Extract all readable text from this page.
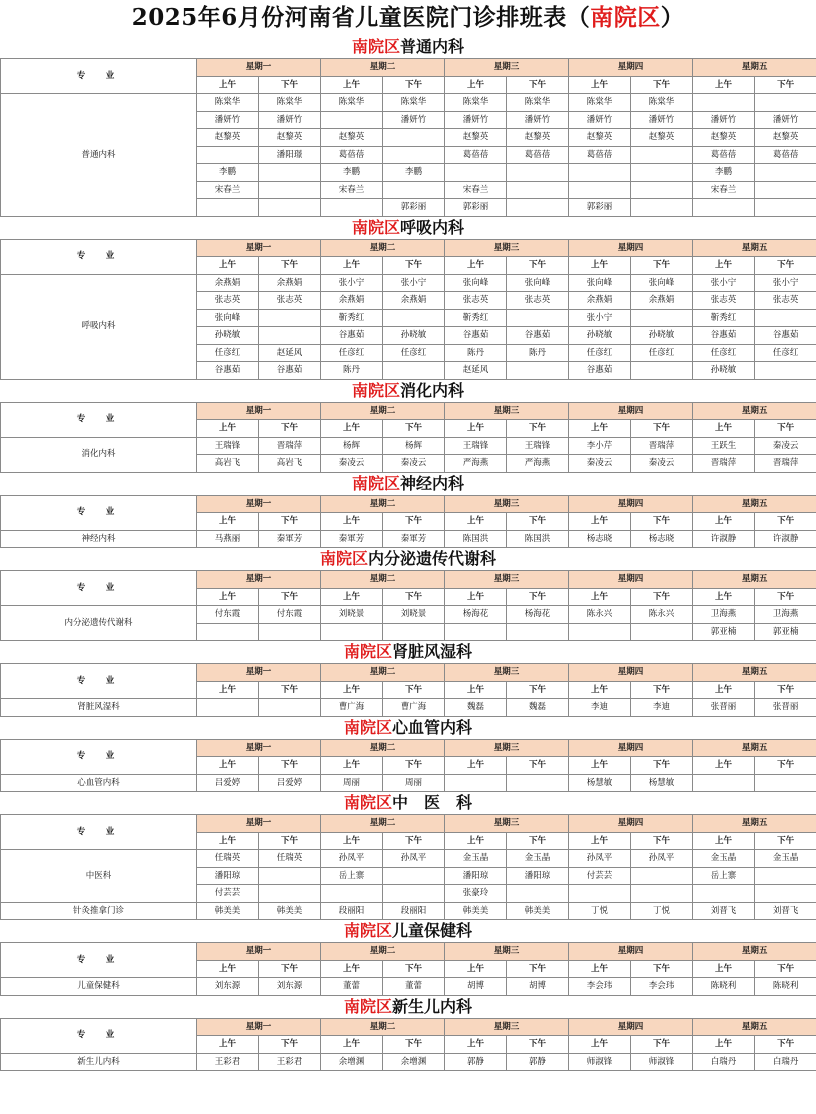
2025年6月份河南省儿童医院门诊排班表（南院区）
南院区普通内科
专　业	星期一		星期二		星期三		星期四		星期五	
	上午	下午	上午	下午	上午	下午	上午	下午	上午	下午
普通内科	陈棠华	陈棠华	陈棠华	陈棠华	陈棠华	陈棠华	陈棠华	陈棠华		
	潘妍竹	潘妍竹		潘妍竹	潘妍竹	潘妍竹	潘妍竹	潘妍竹	潘妍竹	潘妍竹
	赵黎英	赵黎英	赵黎英		赵黎英	赵黎英	赵黎英	赵黎英	赵黎英	赵黎英
		潘阳璟	葛蓓蓓		葛蓓蓓	葛蓓蓓	葛蓓蓓		葛蓓蓓	葛蓓蓓
	李鹏		李鹏	李鹏					李鹏	
	宋春兰		宋春兰		宋春兰				宋春兰	
				郭彩丽	郭彩丽		郭彩丽			
南院区呼吸内科
专　业	星期一		星期二		星期三		星期四		星期五	
	上午	下午	上午	下午	上午	下午	上午	下午	上午	下午
呼吸内科	余燕娟	余燕娟	张小宁	张小宁	张向峰	张向峰	张向峰	张向峰	张小宁	张小宁
	张志英	张志英	余燕娟	余燕娟	张志英	张志英	余燕娟	余燕娟	张志英	张志英
	张向峰		靳秀红		靳秀红		张小宁		靳秀红	
	孙晓敏		谷惠茹	孙晓敏	谷惠茹	谷惠茹	孙晓敏	孙晓敏	谷惠茹	谷惠茹
	任彦红	赵延风	任彦红	任彦红	陈丹	陈丹	任彦红	任彦红	任彦红	任彦红
	谷惠茹	谷惠茹	陈丹		赵延风		谷惠茹		孙晓敏	
南院区消化内科
专　业	星期一		星期二		星期三		星期四		星期五	
	上午	下午	上午	下午	上午	下午	上午	下午	上午	下午
消化内科	王瑞锋	晋瑞萍	杨辉	杨辉	王瑞锋	王瑞锋	李小芹	晋瑞萍	王跃生	秦凌云
	高岩飞	高岩飞	秦凌云	秦凌云	严海燕	严海燕	秦凌云	秦凌云	晋瑞萍	晋瑞萍
南院区神经内科
专　业	星期一		星期二		星期三		星期四		星期五	
	上午	下午	上午	下午	上午	下午	上午	下午	上午	下午
神经内科	马燕丽	秦軍芳	秦軍芳	秦軍芳	陈国洪	陈国洪	杨志晓	杨志晓	许淑静	许淑静
南院区内分泌遗传代谢科
专　业	星期一		星期二		星期三		星期四		星期五	
	上午	下午	上午	下午	上午	下午	上午	下午	上午	下午
内分泌遗传代谢科	付东霞	付东霞	刘晓景	刘晓景	杨海花	杨海花	陈永兴	陈永兴	卫海燕	卫海燕
									郭亚楠	郭亚楠
南院区肾脏风湿科
专　业	星期一		星期二		星期三		星期四		星期五	
	上午	下午	上午	下午	上午	下午	上午	下午	上午	下午
肾脏风湿科			曹广海	曹广海	魏磊	魏磊	李迪	李迪	张晋丽	张晋丽
南院区心血管内科
专　业	星期一		星期二		星期三		星期四		星期五	
	上午	下午	上午	下午	上午	下午	上午	下午	上午	下午
心血管内科	吕爱婷	吕爱婷	周丽	周丽			杨慧敏	杨慧敏		
南院区中　医　科
专　业	星期一		星期二		星期三		星期四		星期五	
	上午	下午	上午	下午	上午	下午	上午	下午	上午	下午
中医科	任瑞英	任瑞英	孙凤平	孙凤平	金玉晶	金玉晶	孙凤平	孙凤平	金玉晶	金玉晶
	潘阳琼		岳上寨		潘阳琼	潘阳琼	付芸芸		岳上寨	
	付芸芸				张豪玲					
针灸推拿门诊	韩美美	韩美美	段丽阳	段丽阳	韩美美	韩美美	丁悦	丁悦	刘晋飞	刘晋飞
南院区儿童保健科
专　业	星期一		星期二		星期三		星期四		星期五	
	上午	下午	上午	下午	上午	下午	上午	下午	上午	下午
儿童保健科	刘东源	刘东源	董蕾	董蕾	胡博	胡博	李会玮	李会玮	陈晓利	陈晓利
南院区新生儿内科
专　业	星期一		星期二		星期三		星期四		星期五	
	上午	下午	上午	下午	上午	下午	上午	下午	上午	下午
新生儿内科	王彩君	王彩君	余增渊	余增渊	郭静	郭静	师淑锋	师淑锋	白瑞丹	白瑞丹
